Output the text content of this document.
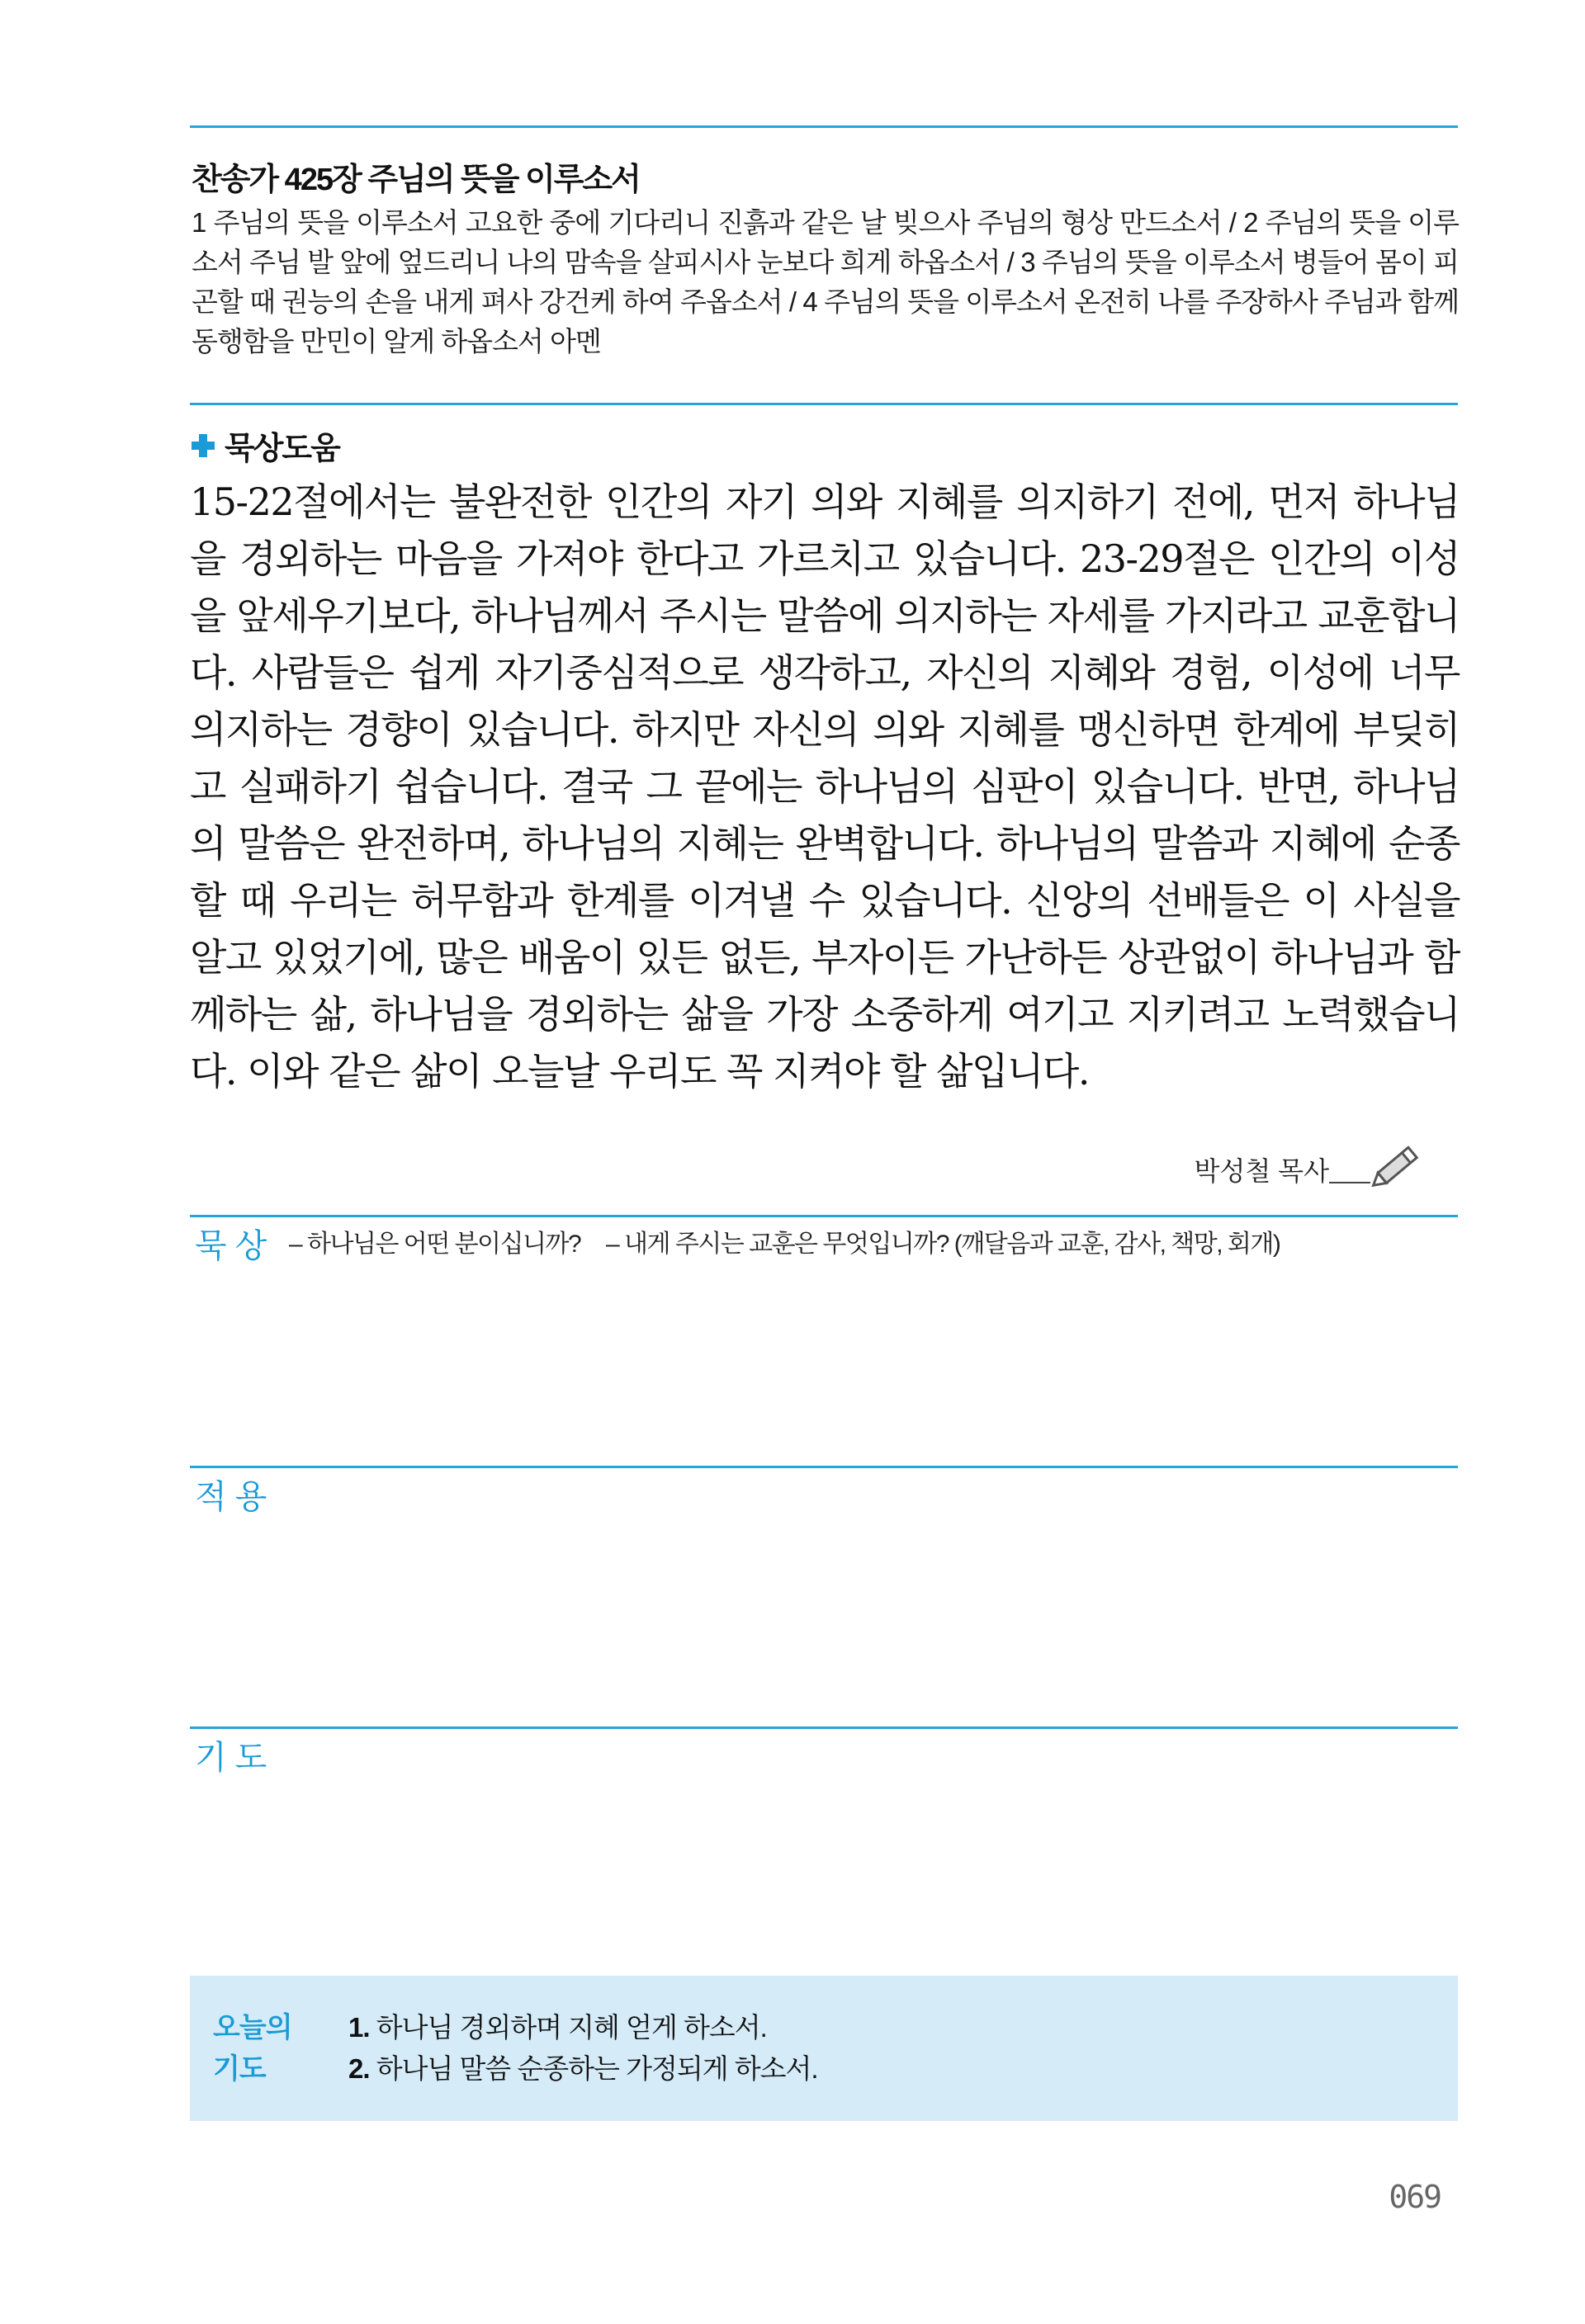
찬송가 425장 주님의 뜻을 이루소서
1 주님의 뜻을 이루소서 고요한 중에 기다리니 진흙과 같은 날 빚으사 주님의 형상 만드소서 / 2 주님의 뜻을 이루소서 주님 발 앞에 엎드리니 나의 맘속을 살피시사 눈보다 희게 하옵소서 / 3 주님의 뜻을 이루소서 병들어 몸이 피곤할 때 권능의 손을 내게 펴사 강건케 하여 주옵소서 / 4 주님의 뜻을 이루소서 온전히 나를 주장하사 주님과 함께 동행함을 만민이 알게 하옵소서 아멘
묵상도움
15-22절에서는 불완전한 인간의 자기 의와 지혜를 의지하기 전에, 먼저 하나님을 경외하는 마음을 가져야 한다고 가르치고 있습니다. 23-29절은 인간의 이성을 앞세우기보다, 하나님께서 주시는 말씀에 의지하는 자세를 가지라고 교훈합니다. 사람들은 쉽게 자기중심적으로 생각하고, 자신의 지혜와 경험, 이성에 너무 의지하는 경향이 있습니다. 하지만 자신의 의와 지혜를 맹신하면 한계에 부딪히고 실패하기 쉽습니다. 결국 그 끝에는 하나님의 심판이 있습니다. 반면, 하나님의 말씀은 완전하며, 하나님의 지혜는 완벽합니다. 하나님의 말씀과 지혜에 순종할 때 우리는 허무함과 한계를 이겨낼 수 있습니다. 신앙의 선배들은 이 사실을 알고 있었기에, 많은 배움이 있든 없든, 부자이든 가난하든 상관없이 하나님과 함께하는 삶, 하나님을 경외하는 삶을 가장 소중하게 여기고 지키려고 노력했습니다. 이와 같은 삶이 오늘날 우리도 꼭 지켜야 할 삶입니다.
박성철 목사
묵상 – 하나님은 어떤 분이십니까? – 내게 주시는 교훈은 무엇입니까? (깨달음과 교훈, 감사, 책망, 회개)
적용
기도
오늘의
기도
1. 하나님 경외하며 지혜 얻게 하소서.
2. 하나님 말씀 순종하는 가정되게 하소서.
069
